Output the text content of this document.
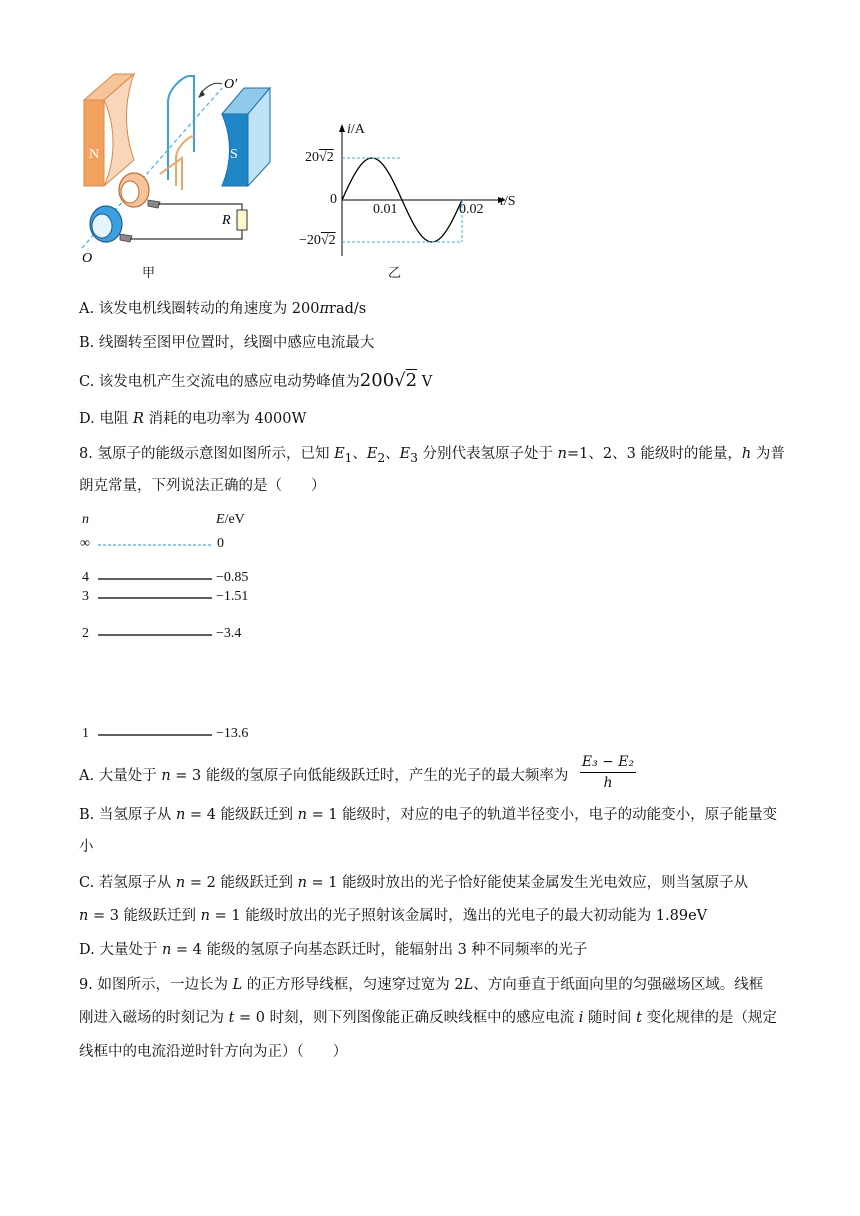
N	S
R
O′
O
甲
i/A
20√2
0
−20√2
0.01	0.02
t/S
乙
A. 该发电机线圈转动的角速度为 200πrad/s
B. 线圈转至图甲位置时，线圈中感应电流最大
C. 该发电机产生交流电的感应电动势峰值为200√2 V
D. 电阻 R 消耗的电功率为 4000W
8. 氢原子的能级示意图如图所示，已知 $E_1$、$E_2$、$E_3$ 分别代表氢原子处于 n=1、2、3 能级时的能量，h 为普
朗克常量，下列说法正确的是（　　）
n	E/eV
∞	0
4	−0.85
3	−1.51
2	−3.4
1	−13.6
A. 大量处于 n = 3 能级的氢原子向低能级跃迁时，产生的光子的最大频率为
E₃ − E₂
h
B. 当氢原子从 n = 4 能级跃迁到 n = 1 能级时，对应的电子的轨道半径变小，电子的动能变小，原子能量变
小
C. 若氢原子从 n = 2 能级跃迁到 n = 1 能级时放出的光子恰好能使某金属发生光电效应，则当氢原子从
n = 3 能级跃迁到 n = 1 能级时放出的光子照射该金属时，逸出的光电子的最大初动能为 1.89eV
D. 大量处于 n = 4 能级的氢原子向基态跃迁时，能辐射出 3 种不同频率的光子
9. 如图所示，一边长为 L 的正方形导线框，匀速穿过宽为 2L、方向垂直于纸面向里的匀强磁场区域。线框
刚进入磁场的时刻记为 t = 0 时刻，则下列图像能正确反映线框中的感应电流 i 随时间 t 变化规律的是（规定
线框中的电流沿逆时针方向为正）（　　）
